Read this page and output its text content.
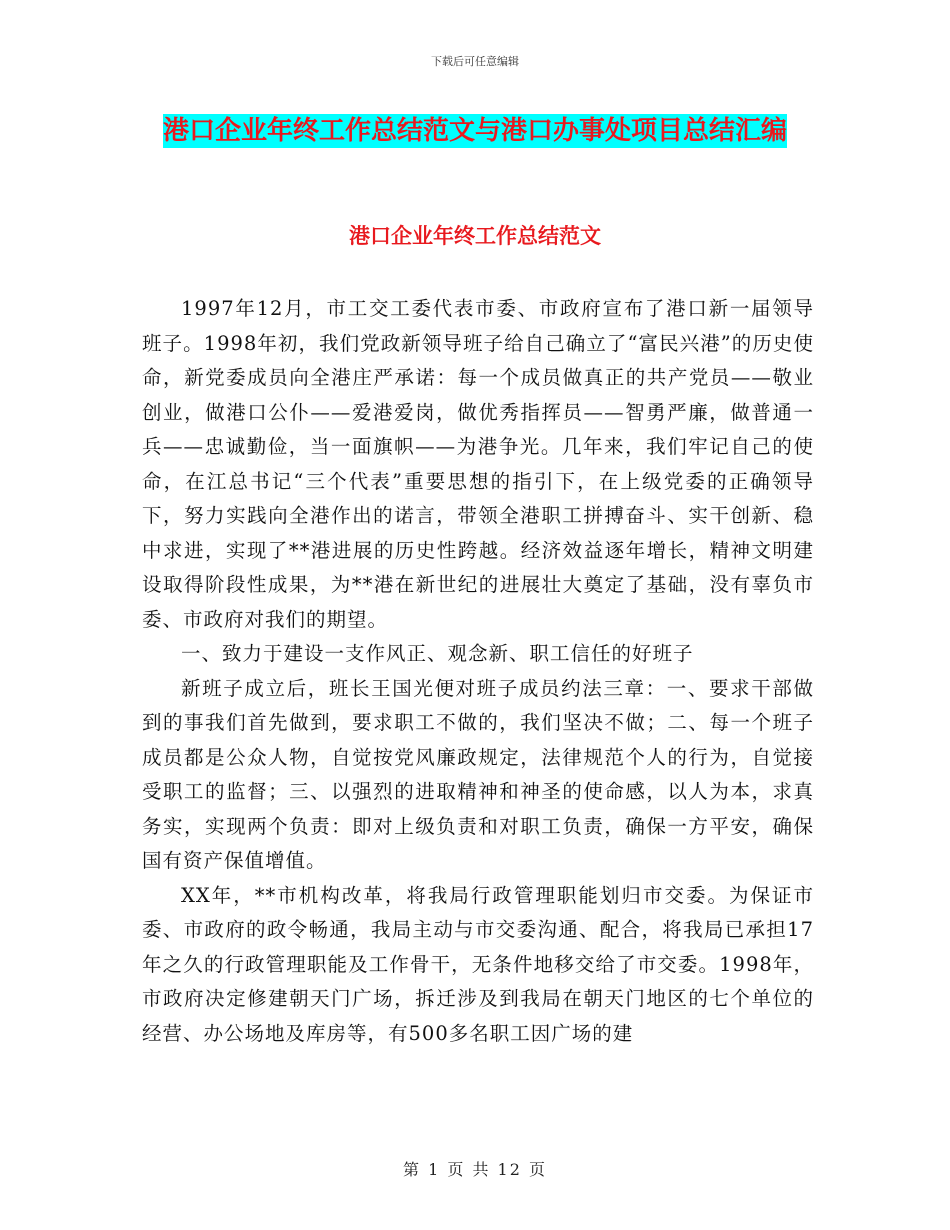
下载后可任意编辑
港口企业年终工作总结范文与港口办事处项目总结汇编
港口企业年终工作总结范文

1997年12月，市工交工委代表市委、市政府宣布了港口新一届领导班子。1998年初，我们党政新领导班子给自己确立了“富民兴港”的历史使命，新党委成员向全港庄严承诺：每一个成员做真正的共产党员——敬业创业，做港口公仆——爱港爱岗，做优秀指挥员——智勇严廉，做普通一兵——忠诚勤俭，当一面旗帜——为港争光。几年来，我们牢记自己的使命，在江总书记“三个代表”重要思想的指引下，在上级党委的正确领导下，努力实践向全港作出的诺言，带领全港职工拼搏奋斗、实干创新、稳中求进，实现了**港进展的历史性跨越。经济效益逐年增长，精神文明建设取得阶段性成果，为**港在新世纪的进展壮大奠定了基础，没有辜负市委、市政府对我们的期望。

一、致力于建设一支作风正、观念新、职工信任的好班子

新班子成立后，班长王国光便对班子成员约法三章：一、要求干部做到的事我们首先做到，要求职工不做的，我们坚决不做；二、每一个班子成员都是公众人物，自觉按党风廉政规定，法律规范个人的行为，自觉接受职工的监督；三、以强烈的进取精神和神圣的使命感，以人为本，求真务实，实现两个负责：即对上级负责和对职工负责，确保一方平安，确保国有资产保值增值。

XX年，**市机构改革，将我局行政管理职能划归市交委。为保证市委、市政府的政令畅通，我局主动与市交委沟通、配合，将我局已承担17年之久的行政管理职能及工作骨干，无条件地移交给了市交委。1998年，市政府决定修建朝天门广场，拆迁涉及到我局在朝天门地区的七个单位的经营、办公场地及库房等，有500多名职工因广场的建

第 1 页 共 12 页
